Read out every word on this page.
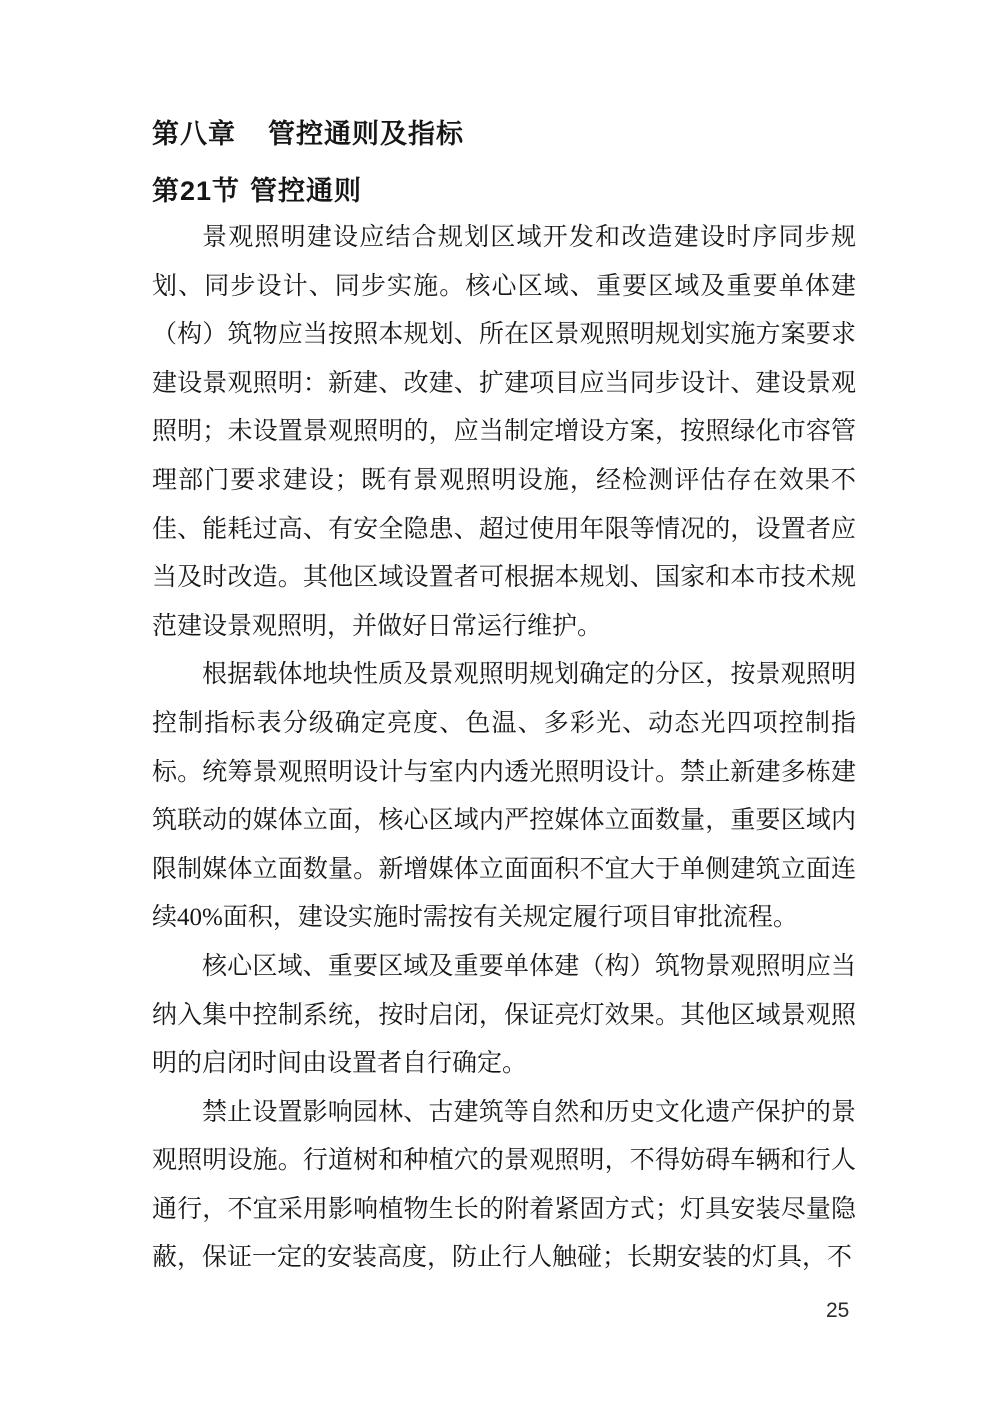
第八章 管控通则及指标
第21节 管控通则

景观照明建设应结合规划区域开发和改造建设时序同步规划、同步设计、同步实施。核心区域、重要区域及重要单体建（构）筑物应当按照本规划、所在区景观照明规划实施方案要求建设景观照明：新建、改建、扩建项目应当同步设计、建设景观照明；未设置景观照明的，应当制定增设方案，按照绿化市容管理部门要求建设；既有景观照明设施，经检测评估存在效果不佳、能耗过高、有安全隐患、超过使用年限等情况的，设置者应当及时改造。其他区域设置者可根据本规划、国家和本市技术规范建设景观照明，并做好日常运行维护。

根据载体地块性质及景观照明规划确定的分区，按景观照明控制指标表分级确定亮度、色温、多彩光、动态光四项控制指标。统筹景观照明设计与室内内透光照明设计。禁止新建多栋建筑联动的媒体立面，核心区域内严控媒体立面数量，重要区域内限制媒体立面数量。新增媒体立面面积不宜大于单侧建筑立面连续40%面积，建设实施时需按有关规定履行项目审批流程。

核心区域、重要区域及重要单体建（构）筑物景观照明应当纳入集中控制系统，按时启闭，保证亮灯效果。其他区域景观照明的启闭时间由设置者自行确定。

禁止设置影响园林、古建筑等自然和历史文化遗产保护的景观照明设施。行道树和种植穴的景观照明，不得妨碍车辆和行人通行，不宜采用影响植物生长的附着紧固方式；灯具安装尽量隐蔽，保证一定的安装高度，防止行人触碰；长期安装的灯具，不

25
